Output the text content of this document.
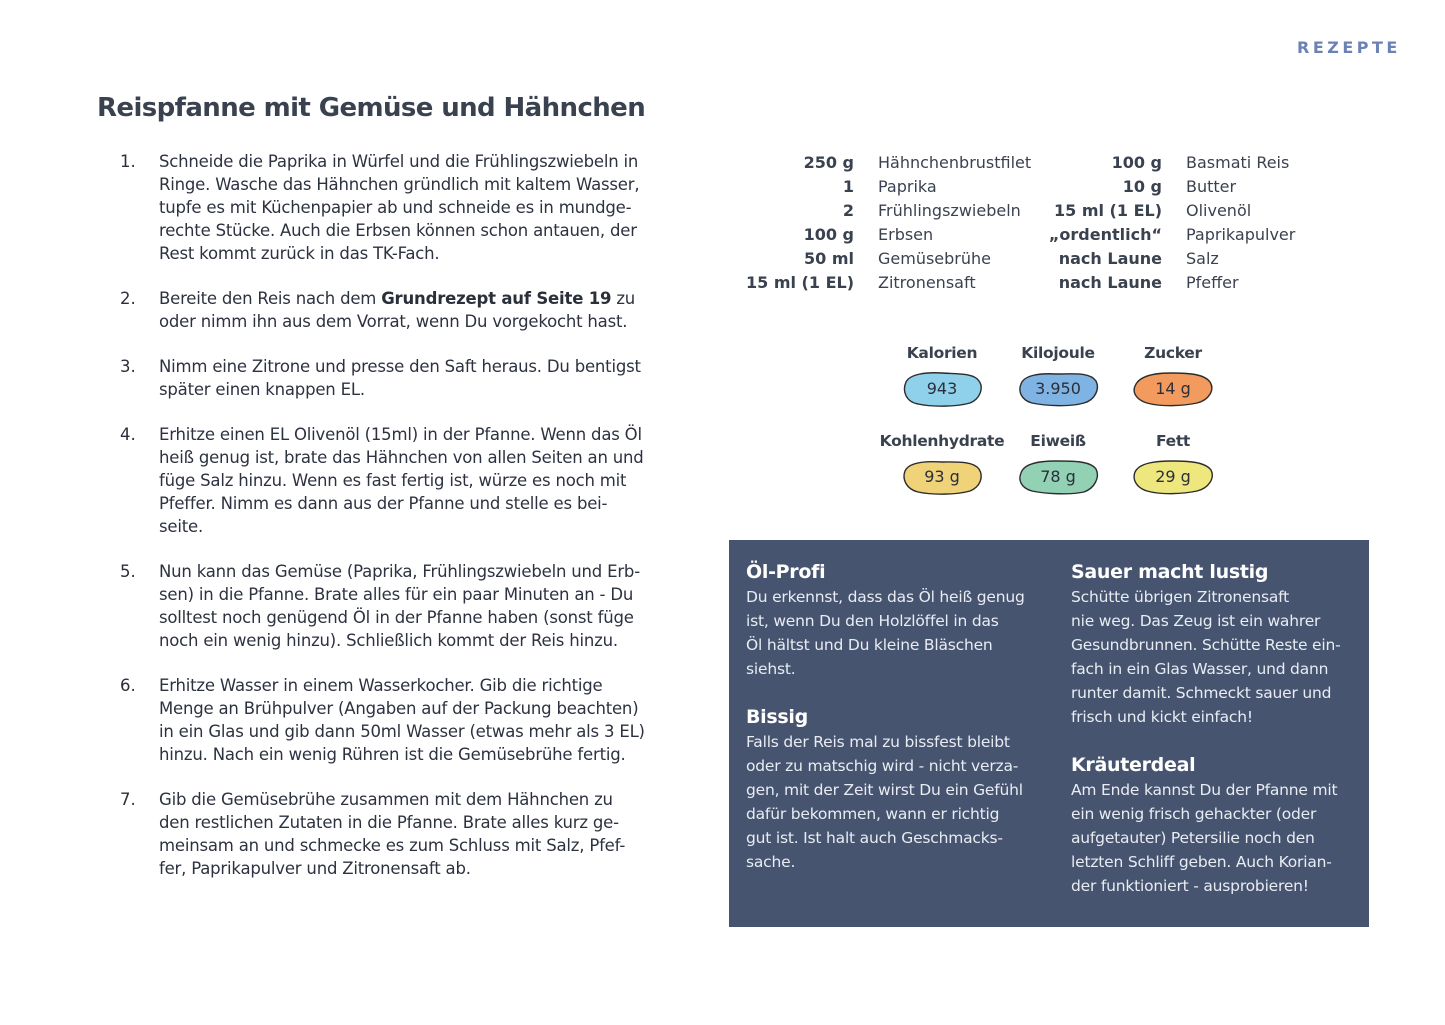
REZEPTE
Reispfanne mit Gemüse und Hähnchen
1. Schneide die Paprika in Würfel und die Frühlingszwiebeln in
Ringe. Wasche das Hähnchen gründlich mit kaltem Wasser,
tupfe es mit Küchenpapier ab und schneide es in mundge-
rechte Stücke. Auch die Erbsen können schon antauen, der
Rest kommt zurück in das TK-Fach.
2. Bereite den Reis nach dem Grundrezept auf Seite 19 zu
oder nimm ihn aus dem Vorrat, wenn Du vorgekocht hast.
3. Nimm eine Zitrone und presse den Saft heraus. Du bentigst
später einen knappen EL.
4. Erhitze einen EL Olivenöl (15ml) in der Pfanne. Wenn das Öl
heiß genug ist, brate das Hähnchen von allen Seiten an und
füge Salz hinzu. Wenn es fast fertig ist, würze es noch mit
Pfeffer. Nimm es dann aus der Pfanne und stelle es bei-
seite.
5. Nun kann das Gemüse (Paprika, Frühlingszwiebeln und Erb-
sen) in die Pfanne. Brate alles für ein paar Minuten an - Du
solltest noch genügend Öl in der Pfanne haben (sonst füge
noch ein wenig hinzu). Schließlich kommt der Reis hinzu.
6. Erhitze Wasser in einem Wasserkocher. Gib die richtige
Menge an Brühpulver (Angaben auf der Packung beachten)
in ein Glas und gib dann 50ml Wasser (etwas mehr als 3 EL)
hinzu. Nach ein wenig Rühren ist die Gemüsebrühe fertig.
7. Gib die Gemüsebrühe zusammen mit dem Hähnchen zu
den restlichen Zutaten in die Pfanne. Brate alles kurz ge-
meinsam an und schmecke es zum Schluss mit Salz, Pfef-
fer, Paprikapulver und Zitronensaft ab.
250 g Hähnchenbrustfilet
1 Paprika
2 Frühlingszwiebeln
100 g Erbsen
50 ml Gemüsebrühe
15 ml (1 EL) Zitronensaft
100 g Basmati Reis
10 g Butter
15 ml (1 EL) Olivenöl
„ordentlich“ Paprikapulver
nach Laune Salz
nach Laune Pfeffer
Kalorien
943
Kilojoule
3.950
Zucker
14 g
Kohlenhydrate
93 g
Eiweiß
78 g
Fett
29 g
Öl-Profi
Du erkennst, dass das Öl heiß genug
ist, wenn Du den Holzlöffel in das
Öl hältst und Du kleine Bläschen
siehst.
Bissig
Falls der Reis mal zu bissfest bleibt
oder zu matschig wird - nicht verza-
gen, mit der Zeit wirst Du ein Gefühl
dafür bekommen, wann er richtig
gut ist. Ist halt auch Geschmacks-
sache.
Sauer macht lustig
Schütte übrigen Zitronensaft
nie weg. Das Zeug ist ein wahrer
Gesundbrunnen. Schütte Reste ein-
fach in ein Glas Wasser, und dann
runter damit. Schmeckt sauer und
frisch und kickt einfach!
Kräuterdeal
Am Ende kannst Du der Pfanne mit
ein wenig frisch gehackter (oder
aufgetauter) Petersilie noch den
letzten Schliff geben. Auch Korian-
der funktioniert - ausprobieren!
